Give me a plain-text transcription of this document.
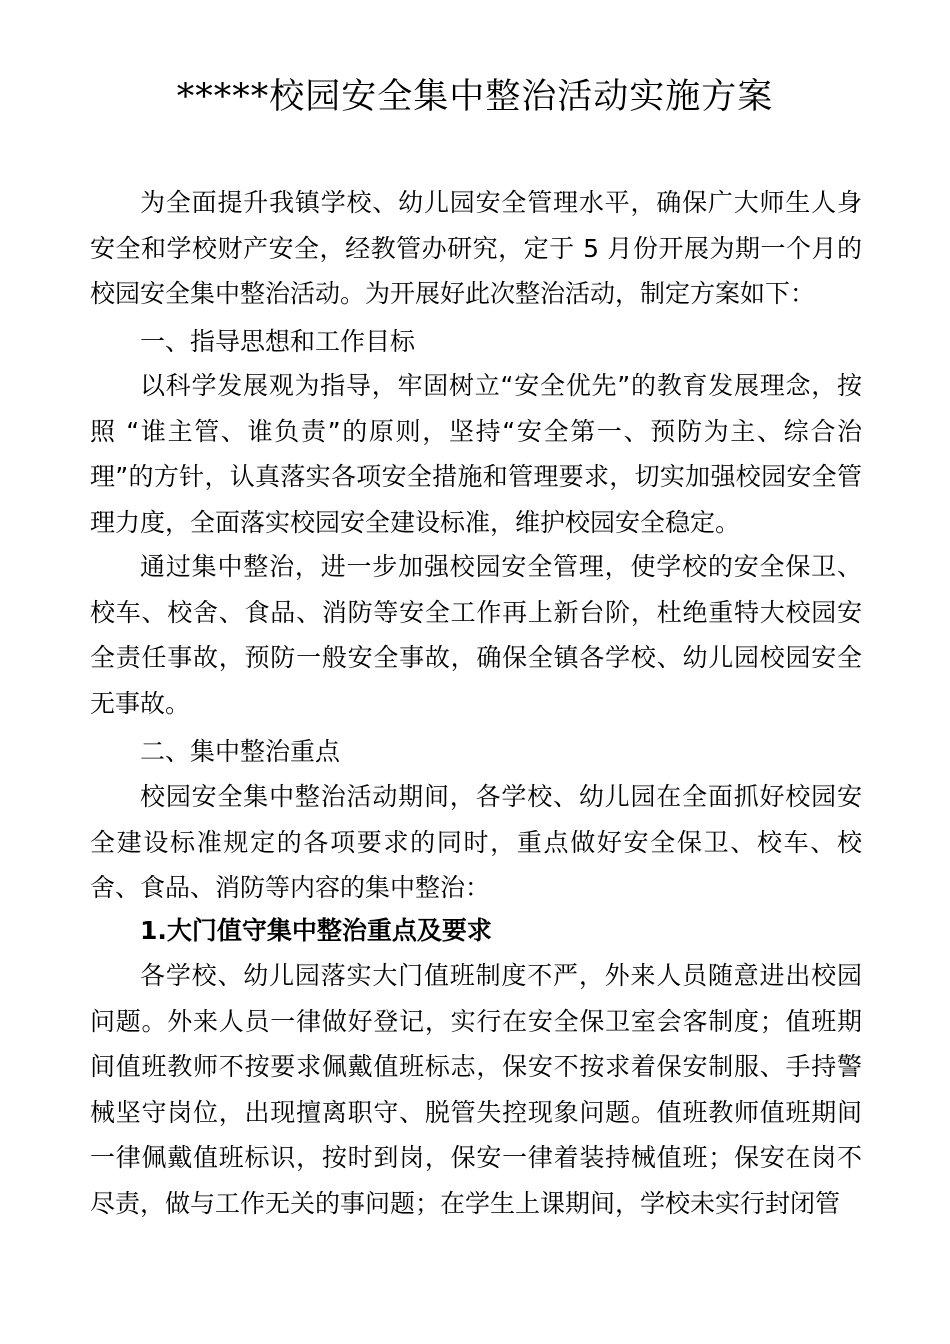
*****校园安全集中整治活动实施方案

为全面提升我镇学校、幼儿园安全管理水平，确保广大师生人身安全和学校财产安全，经教管办研究，定于 5 月份开展为期一个月的校园安全集中整治活动。为开展好此次整治活动，制定方案如下：

一、指导思想和工作目标

以科学发展观为指导，牢固树立“安全优先”的教育发展理念，按照 “谁主管、谁负责”的原则，坚持“安全第一、预防为主、综合治理”的方针，认真落实各项安全措施和管理要求，切实加强校园安全管理力度，全面落实校园安全建设标准，维护校园安全稳定。

通过集中整治，进一步加强校园安全管理，使学校的安全保卫、校车、校舍、食品、消防等安全工作再上新台阶，杜绝重特大校园安全责任事故，预防一般安全事故，确保全镇各学校、幼儿园校园安全无事故。

二、集中整治重点

校园安全集中整治活动期间，各学校、幼儿园在全面抓好校园安全建设标准规定的各项要求的同时，重点做好安全保卫、校车、校舍、食品、消防等内容的集中整治：

1.大门值守集中整治重点及要求

各学校、幼儿园落实大门值班制度不严，外来人员随意进出校园问题。外来人员一律做好登记，实行在安全保卫室会客制度；值班期间值班教师不按要求佩戴值班标志，保安不按求着保安制服、手持警械坚守岗位，出现擅离职守、脱管失控现象问题。值班教师值班期间一律佩戴值班标识，按时到岗，保安一律着装持械值班；保安在岗不尽责，做与工作无关的事问题；在学生上课期间，学校未实行封闭管
